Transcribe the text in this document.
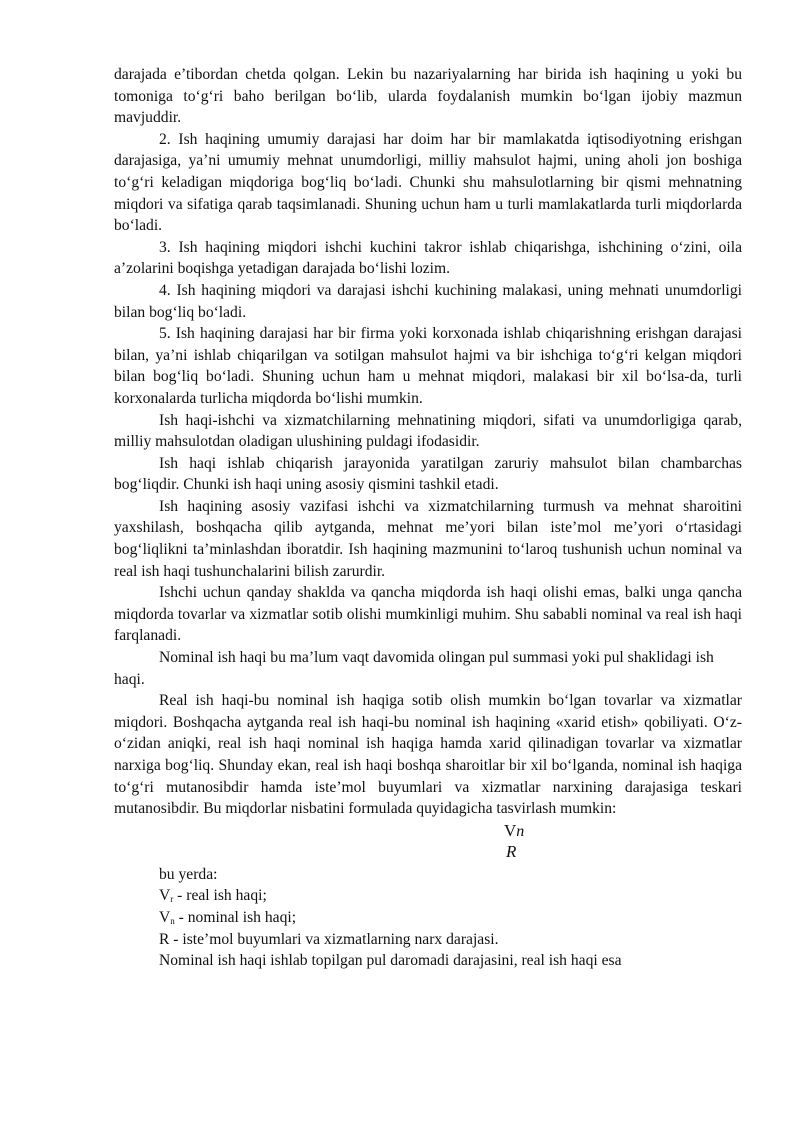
darajada e’tibordan chetda qolgan. Lekin bu nazariyalarning har birida ish haqining u yoki bu tomoniga to‘g‘ri baho berilgan bo‘lib, ularda foydalanish mumkin bo‘lgan ijobiy mazmun mavjuddir.

2. Ish haqining umumiy darajasi har doim har bir mamlakatda iqtisodiyotning erishgan darajasiga, ya’ni umumiy mehnat unumdorligi, milliy mahsulot hajmi, uning aholi jon boshiga to‘g‘ri keladigan miqdoriga bog‘liq bo‘ladi. Chunki shu mahsulotlarning bir qismi mehnatning miqdori va sifatiga qarab taqsimlanadi. Shuning uchun ham u turli mamlakatlarda turli miqdorlarda bo‘ladi.

3. Ish haqining miqdori ishchi kuchini takror ishlab chiqarishga, ishchining o‘zini, oila a’zolarini boqishga yetadigan darajada bo‘lishi lozim.

4. Ish haqining miqdori va darajasi ishchi kuchining malakasi, uning mehnati unumdorligi bilan bog‘liq bo‘ladi.

5. Ish haqining darajasi har bir firma yoki korxonada ishlab chiqarishning erishgan darajasi bilan, ya’ni ishlab chiqarilgan va sotilgan mahsulot hajmi va bir ishchiga to‘g‘ri kelgan miqdori bilan bog‘liq bo‘ladi. Shuning uchun ham u mehnat miqdori, malakasi bir xil bo‘lsa-da, turli korxonalarda turlicha miqdorda bo‘lishi mumkin.

Ish haqi-ishchi va xizmatchilarning mehnatining miqdori, sifati va unumdorligiga qarab, milliy mahsulotdan oladigan ulushining puldagi ifodasidir.

Ish haqi ishlab chiqarish jarayonida yaratilgan zaruriy mahsulot bilan chambarchas bog‘liqdir. Chunki ish haqi uning asosiy qismini tashkil etadi.

Ish haqining asosiy vazifasi ishchi va xizmatchilarning turmush va mehnat sharoitini yaxshilash, boshqacha qilib aytganda, mehnat me’yori bilan iste’mol me’yori o‘rtasidagi bog‘liqlikni ta’minlashdan iboratdir. Ish haqining mazmunini to‘laroq tushunish uchun nominal va real ish haqi tushunchalarini bilish zarurdir.

Ishchi uchun qanday shaklda va qancha miqdorda ish haqi olishi emas, balki unga qancha miqdorda tovarlar va xizmatlar sotib olishi mumkinligi muhim. Shu sababli nominal va real ish haqi farqlanadi.

Nominal ish haqi bu ma’lum vaqt davomida olingan pul summasi yoki pul shaklidagi ish

haqi.

Real ish haqi-bu nominal ish haqiga sotib olish mumkin bo‘lgan tovarlar va xizmatlar miqdori. Boshqacha aytganda real ish haqi-bu nominal ish haqining «xarid etish» qobiliyati. O‘z-o‘zidan aniqki, real ish haqi nominal ish haqiga hamda xarid qilinadigan tovarlar va xizmatlar narxiga bog‘liq. Shunday ekan, real ish haqi boshqa sharoitlar bir xil bo‘lganda, nominal ish haqiga to‘g‘ri mutanosibdir hamda iste’mol buyumlari va xizmatlar narxining darajasiga teskari mutanosibdir. Bu miqdorlar nisbatini formulada quyidagicha tasvirlash mumkin:

Vn
R

bu yerda:

$V_r$ - real ish haqi;

$V_n$ - nominal ish haqi;

R - iste’mol buyumlari va xizmatlarning narx darajasi.

Nominal ish haqi ishlab topilgan pul daromadi darajasini, real ish haqi esa
